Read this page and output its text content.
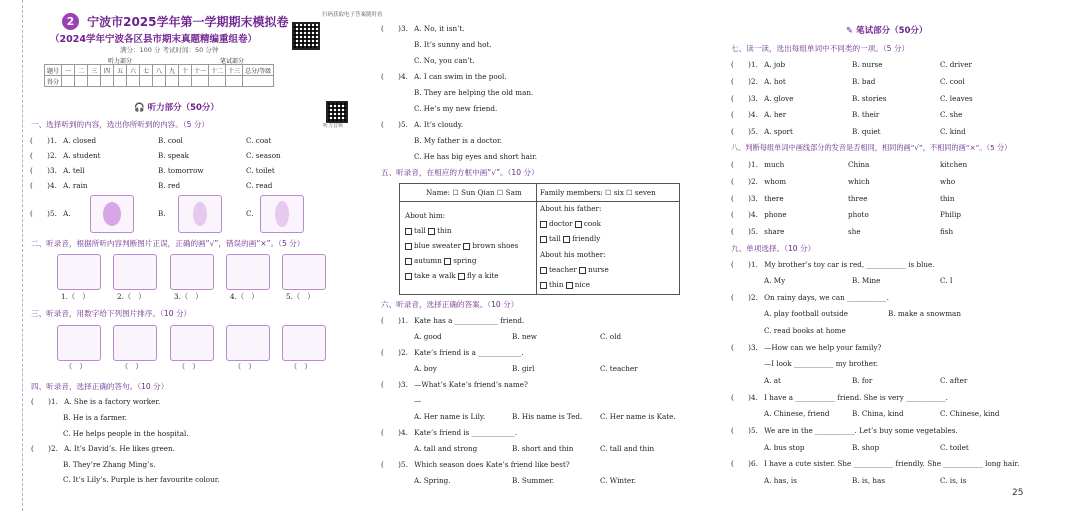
2 宁波市2025学年第一学期期末模拟卷
（2024学年宁波各区县市期末真题精编重组卷）
满分：100 分 考试时间：50 分钟
扫码获取电子答案随时看
题号	一	二	三	四	五	六	七	八	九	十	十一	十二	十三	总分/等级
得分														
听力部分	笔试部分
🎧 听力部分（50分）
听力音频
一、选择听到的内容，选出你所听到的内容。（5 分）
(　　)1. A. closed	B. cool	C. coat
(　　)2. A. student	B. speak	C. season
(　　)3. A. tell	B. tomorrow	C. toilet
(　　)4. A. rain	B. red	C. read
(　　)5. A.	B.	C.
二、听录音，根据所听内容判断图片正误，正确的画“√”，错误的画“×”。（5 分）
1.（　）	2.（　）	3.（　）	4.（　）	5.（　）
三、听录音，用数字给下列图片排序。（10 分）
（　）	（　）	（　）	（　）	（　）
四、听录音，选择正确的答句。（10 分）
(　　)1. A. She is a factory worker.
B. He is a farmer.
C. He helps people in the hospital.
(　　)2. A. It’s David’s. He likes green.
B. They’re Zhang Ming’s.
C. It’s Lily’s. Purple is her favourite colour.
(　　)3. A. No, it isn’t.
B. It’s sunny and hot.
C. No, you can’t.
(　　)4. A. I can swim in the pool.
B. They are helping the old man.
C. He’s my new friend.
(　　)5. A. It’s cloudy.
B. My father is a doctor.
C. He has big eyes and short hair.
五、听录音，在相应的方框中画“√”。（10 分）
Name: ☐ Sun Qian ☐ Sam	Family members: ☐ six ☐ seven
About him:
tall thin
blue sweater brown shoes
autumn spring
take a walk fly a kite
About his father:
doctor cook
tall friendly
About his mother:
teacher nurse
thin nice
六、听录音，选择正确的答案。（10 分）
(　　)1. Kate has a ____________ friend.
A. good	B. new	C. old
(　　)2. Kate’s friend is a ____________.
A. boy	B. girl	C. teacher
(　　)3. —What’s Kate’s friend’s name?
—
A. Her name is Lily.	B. His name is Ted. C. Her name is Kate.
(　　)4. Kate’s friend is ____________.
A. tall and strong	B. short and thin	C. tall and thin
(　　)5. Which season does Kate’s friend like best?
A. Spring.	B. Summer.	C. Winter.
✎ 笔试部分（50分）
七、读一读，选出每组单词中不同类的一项。（5 分）
(　　)1. A. job	B. nurse	C. driver
(　　)2. A. hot	B. bad	C. cool
(　　)3. A. glove	B. stories	C. leaves
(　　)4. A. her	B. their	C. she
(　　)5. A. sport	B. quiet	C. kind
八、判断每组单词中画线部分的发音是否相同，相同的画“√”，不相同的画“×”。（5 分）
(　　)1. much	China	kitchen
(　　)2. whom	which	who
(　　)3. there	three	thin
(　　)4. phone	photo	Philip
(　　)5. share	she	fish
九、单项选择。（10 分）
(　　)1. My brother’s toy car is red, ___________ is blue.
A. My	B. Mine	C. I
(　　)2. On rainy days, we can ___________.
A. play football outside	B. make a snowman
C. read books at home
(　　)3. —How can we help your family?
—I look ___________ my brother.
A. at	B. for	C. after
(　　)4. I have a ___________ friend. She is very ___________.
A. Chinese, friend	B. China, kind	C. Chinese, kind
(　　)5. We are in the ___________. Let’s buy some vegetables.
A. bus stop	B. shop	C. toilet
(　　)6. I have a cute sister. She ___________ friendly. She ___________ long hair.
A. has, is	B. is, has	C. is, is
25
